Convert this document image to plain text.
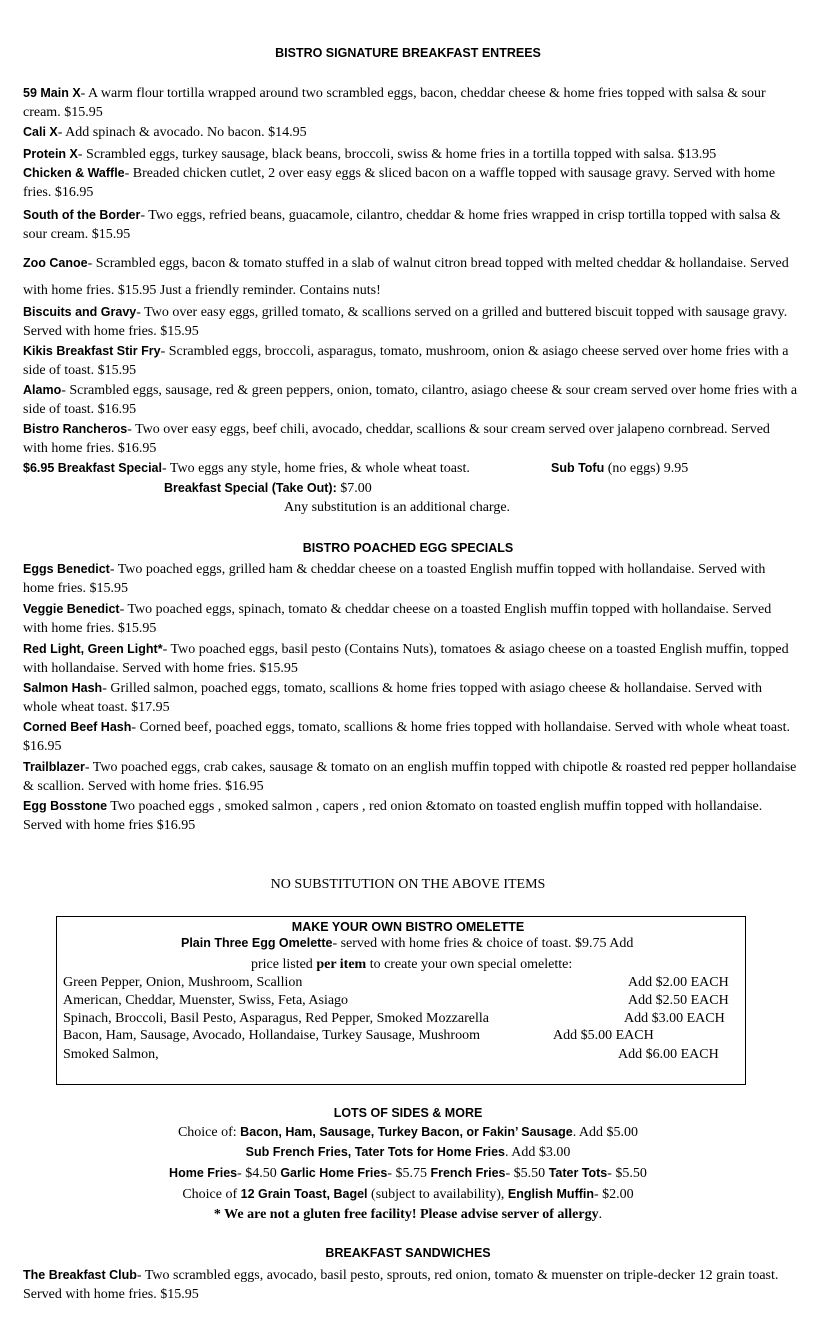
BISTRO SIGNATURE BREAKFAST ENTREES
59 Main X- A warm flour tortilla wrapped around two scrambled eggs, bacon, cheddar cheese & home fries topped with salsa & sour cream. $15.95
Cali X- Add spinach & avocado. No bacon. $14.95
Protein X- Scrambled eggs, turkey sausage, black beans, broccoli, swiss & home fries in a tortilla topped with salsa. $13.95
Chicken & Waffle- Breaded chicken cutlet, 2 over easy eggs & sliced bacon on a waffle topped with sausage gravy. Served with home fries. $16.95
South of the Border- Two eggs, refried beans, guacamole, cilantro, cheddar & home fries wrapped in crisp tortilla topped with salsa & sour cream. $15.95
Zoo Canoe- Scrambled eggs, bacon & tomato stuffed in a slab of walnut citron bread topped with melted cheddar & hollandaise. Served with home fries. $15.95 Just a friendly reminder. Contains nuts!
Biscuits and Gravy- Two over easy eggs, grilled tomato, & scallions served on a grilled and buttered biscuit topped with sausage gravy. Served with home fries. $15.95
Kikis Breakfast Stir Fry- Scrambled eggs, broccoli, asparagus, tomato, mushroom, onion & asiago cheese served over home fries with a side of toast. $15.95
Alamo- Scrambled eggs, sausage, red & green peppers, onion, tomato, cilantro, asiago cheese & sour cream served over home fries with a side of toast. $16.95
Bistro Rancheros- Two over easy eggs, beef chili, avocado, cheddar, scallions & sour cream served over jalapeno cornbread. Served with home fries. $16.95
$6.95 Breakfast Special- Two eggs any style, home fries, & whole wheat toast.	Sub Tofu (no eggs) 9.95
Breakfast Special (Take Out): $7.00
Any substitution is an additional charge.
BISTRO POACHED EGG SPECIALS
Eggs Benedict- Two poached eggs, grilled ham & cheddar cheese on a toasted English muffin topped with hollandaise. Served with home fries. $15.95
Veggie Benedict- Two poached eggs, spinach, tomato & cheddar cheese on a toasted English muffin topped with hollandaise. Served with home fries. $15.95
Red Light, Green Light*- Two poached eggs, basil pesto (Contains Nuts), tomatoes & asiago cheese on a toasted English muffin, topped with hollandaise. Served with home fries. $15.95
Salmon Hash- Grilled salmon, poached eggs, tomato, scallions & home fries topped with asiago cheese & hollandaise. Served with whole wheat toast. $17.95
Corned Beef Hash- Corned beef, poached eggs, tomato, scallions & home fries topped with hollandaise. Served with whole wheat toast. $16.95
Trailblazer- Two poached eggs, crab cakes, sausage & tomato on an english muffin topped with chipotle & roasted red pepper hollandaise & scallion. Served with home fries. $16.95
Egg Bosstone Two poached eggs , smoked salmon , capers , red onion &tomato on toasted english muffin topped with hollandaise. Served with home fries $16.95
NO SUBSTITUTION ON THE ABOVE ITEMS
MAKE YOUR OWN BISTRO OMELETTE
Plain Three Egg Omelette- served with home fries & choice of toast. $9.75 Add
price listed per item to create your own special omelette:
Green Pepper, Onion, Mushroom, Scallion	Add $2.00 EACH
American, Cheddar, Muenster, Swiss, Feta, Asiago	Add $2.50 EACH
Spinach, Broccoli, Basil Pesto, Asparagus, Red Pepper, Smoked Mozzarella	Add $3.00 EACH
Bacon, Ham, Sausage, Avocado, Hollandaise, Turkey Sausage, Mushroom	Add $5.00 EACH
Smoked Salmon,	Add $6.00 EACH
LOTS OF SIDES & MORE
Choice of: Bacon, Ham, Sausage, Turkey Bacon, or Fakin’ Sausage. Add $5.00
Sub French Fries, Tater Tots for Home Fries. Add $3.00
Home Fries- $4.50 Garlic Home Fries- $5.75 French Fries- $5.50 Tater Tots- $5.50
Choice of 12 Grain Toast, Bagel (subject to availability), English Muffin- $2.00
* We are not a gluten free facility! Please advise server of allergy.
BREAKFAST SANDWICHES
The Breakfast Club- Two scrambled eggs, avocado, basil pesto, sprouts, red onion, tomato & muenster on triple-decker 12 grain toast. Served with home fries. $15.95
